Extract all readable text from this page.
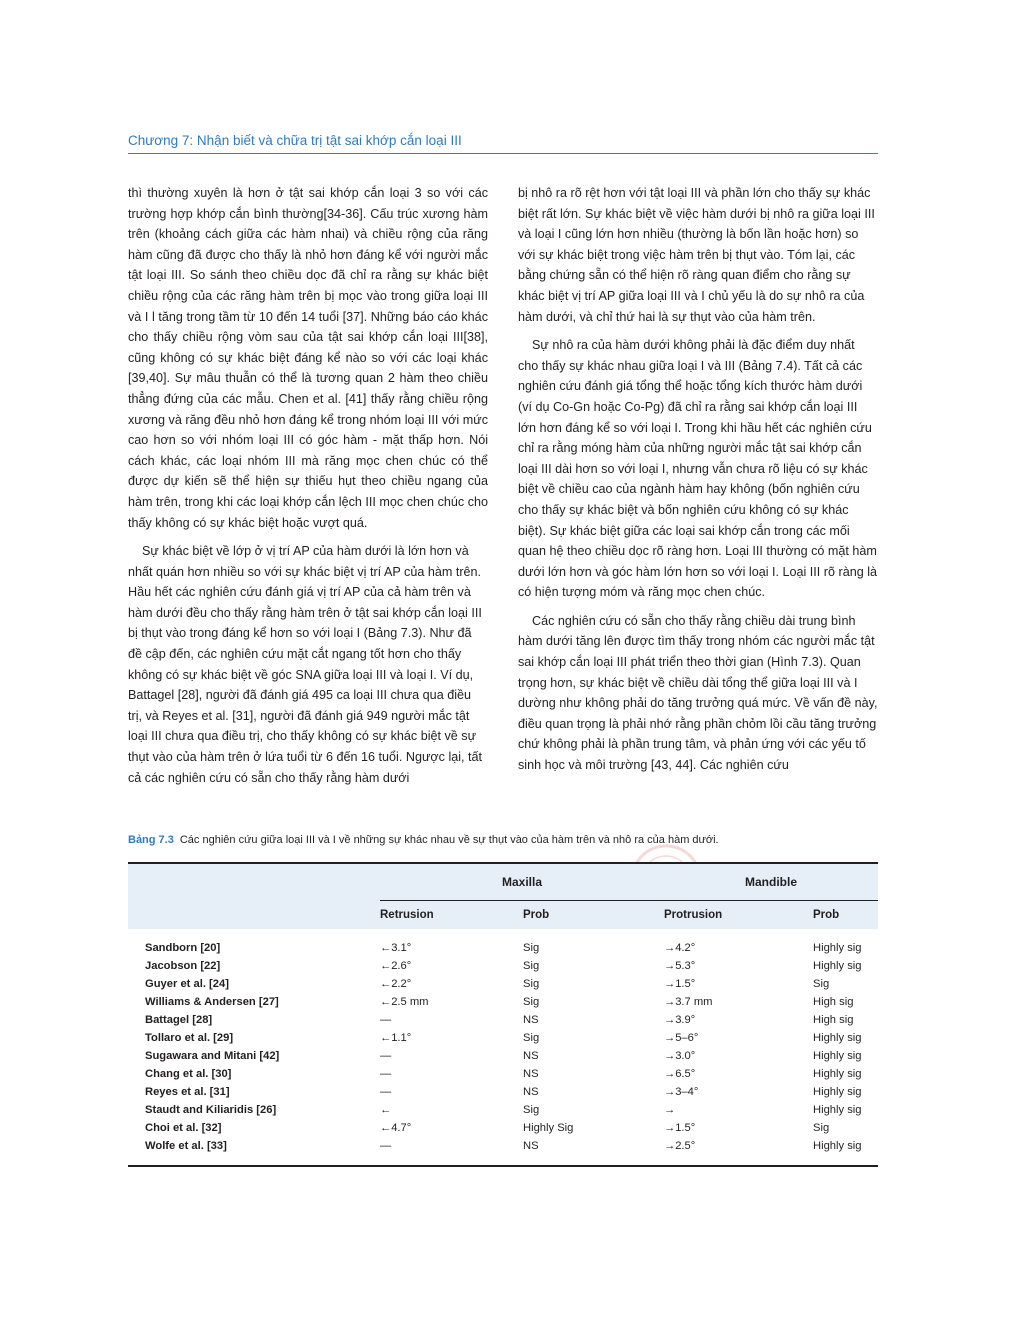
Chương 7: Nhận biết và chữa trị tật sai khớp cắn loại III

thì thường xuyên là hơn ở tật sai khớp cắn loại 3 so với các trường hợp khớp cắn bình thường[34-36]. Cấu trúc xương hàm trên (khoảng cách giữa các hàm nhai) và chiều rộng của răng hàm cũng đã được cho thấy là nhỏ hơn đáng kể với người mắc tật loại III. So sánh theo chiều dọc đã chỉ ra rằng sự khác biệt chiều rộng của các răng hàm trên bị mọc vào trong giữa loại III và I l tăng trong tầm từ 10 đến 14 tuổi [37]. Những báo cáo khác cho thấy chiều rộng vòm sau của tật sai khớp cắn loại III[38], cũng không có sự khác biệt đáng kể nào so với các loại khác [39,40]. Sự mâu thuẫn có thể là tương quan 2 hàm theo chiều thẳng đứng của các mẫu. Chen et al. [41] thấy rằng chiều rộng xương và răng đều nhỏ hơn đáng kể trong nhóm loại III với mức cao hơn so với nhóm loại III có góc hàm - mặt thấp hơn. Nói cách khác, các loại nhóm III mà răng mọc chen chúc có thể được dự kiến sẽ thể hiện sự thiếu hụt theo chiều ngang của hàm trên, trong khi các loại khớp cắn lệch III mọc chen chúc cho thấy không có sự khác biệt hoặc vượt quá.

Sự khác biệt về lớp ở vị trí AP của hàm dưới là lớn hơn và nhất quán hơn nhiều so với sự khác biệt vị trí AP của hàm trên. Hầu hết các nghiên cứu đánh giá vị trí AP của cả hàm trên và hàm dưới đều cho thấy rằng hàm trên ở tật sai khớp cắn loại III bị thụt vào trong đáng kể hơn so với loại I (Bảng 7.3). Như đã đề cập đến, các nghiên cứu mặt cắt ngang tốt hơn cho thấy không có sự khác biệt về góc SNA giữa loại III và loại I. Ví dụ, Battagel [28], người đã đánh giá 495 ca loại III chưa qua điều trị, và Reyes et al. [31], người đã đánh giá 949 người mắc tật loại III chưa qua điều trị, cho thấy không có sự khác biệt về sự thụt vào của hàm trên ở lứa tuổi từ 6 đến 16 tuổi. Ngược lại, tất cả các nghiên cứu có sẵn cho thấy rằng hàm dưới

bị nhô ra rõ rệt hơn với tật loại III và phần lớn cho thấy sự khác biệt rất lớn. Sự khác biệt về việc hàm dưới bị nhô ra giữa loại III và loại I cũng lớn hơn nhiều (thường là bốn lần hoặc hơn) so với sự khác biệt trong việc hàm trên bị thụt vào. Tóm lại, các bằng chứng sẵn có thể hiện rõ ràng quan điểm cho rằng sự khác biệt vị trí AP giữa loại III và I chủ yếu là do sự nhô ra của hàm dưới, và chỉ thứ hai là sự thụt vào của hàm trên.

Sự nhô ra của hàm dưới không phải là đặc điểm duy nhất cho thấy sự khác nhau giữa loại I và III (Bảng 7.4). Tất cả các nghiên cứu đánh giá tổng thể hoặc tổng kích thước hàm dưới (ví dụ Co-Gn hoặc Co-Pg) đã chỉ ra rằng sai khớp cắn loại III lớn hơn đáng kể so với loại I. Trong khi hầu hết các nghiên cứu chỉ ra rằng móng hàm của những người mắc tật sai khớp cắn loại III dài hơn so với loại I, nhưng vẫn chưa rõ liệu có sự khác biệt về chiều cao của ngành hàm hay không (bốn nghiên cứu cho thấy sự khác biệt và bốn nghiên cứu không có sự khác biệt). Sự khác biệt giữa các loại sai khớp cắn trong các mối quan hệ theo chiều dọc rõ ràng hơn. Loại III thường có mặt hàm dưới lớn hơn và góc hàm lớn hơn so với loại I. Loại III rõ ràng là có hiện tượng móm và răng mọc chen chúc.

Các nghiên cứu có sẵn cho thấy rằng chiều dài trung bình hàm dưới tăng lên được tìm thấy trong nhóm các người mắc tật sai khớp cắn loại III phát triển theo thời gian (Hình 7.3). Quan trọng hơn, sự khác biệt về chiều dài tổng thể giữa loại III và I dường như không phải do tăng trưởng quá mức. Về vấn đề này, điều quan trọng là phải nhớ rằng phần chỏm lồi cầu tăng trưởng chứ không phải là phần trung tâm, và phản ứng với các yếu tố sinh học và môi trường [43, 44]. Các nghiên cứu

Bảng 7.3 Các nghiên cứu giữa loại III và I về những sự khác nhau về sự thụt vào của hàm trên và nhô ra của hàm dưới.
	Maxilla		Mandible	
	Retrusion	Prob	Protrusion	Prob
Sandborn [20]	←3.1°	Sig	→4.2°	Highly sig
Jacobson [22]	←2.6°	Sig	→5.3°	Highly sig
Guyer et al. [24]	←2.2°	Sig	→1.5°	Sig
Williams & Andersen [27]	←2.5 mm	Sig	→3.7 mm	High sig
Battagel [28]	—	NS	→3.9°	High sig
Tollaro et al. [29]	←1.1°	Sig	→5–6°	Highly sig
Sugawara and Mitani [42]	—	NS	→3.0°	Highly sig
Chang et al. [30]	—	NS	→6.5°	Highly sig
Reyes et al. [31]	—	NS	→3–4°	Highly sig
Staudt and Kiliaridis [26]	←	Sig	→	Highly sig
Choi et al. [32]	←4.7°	Highly Sig	→1.5°	Sig
Wolfe et al. [33]	—	NS	→2.5°	Highly sig
